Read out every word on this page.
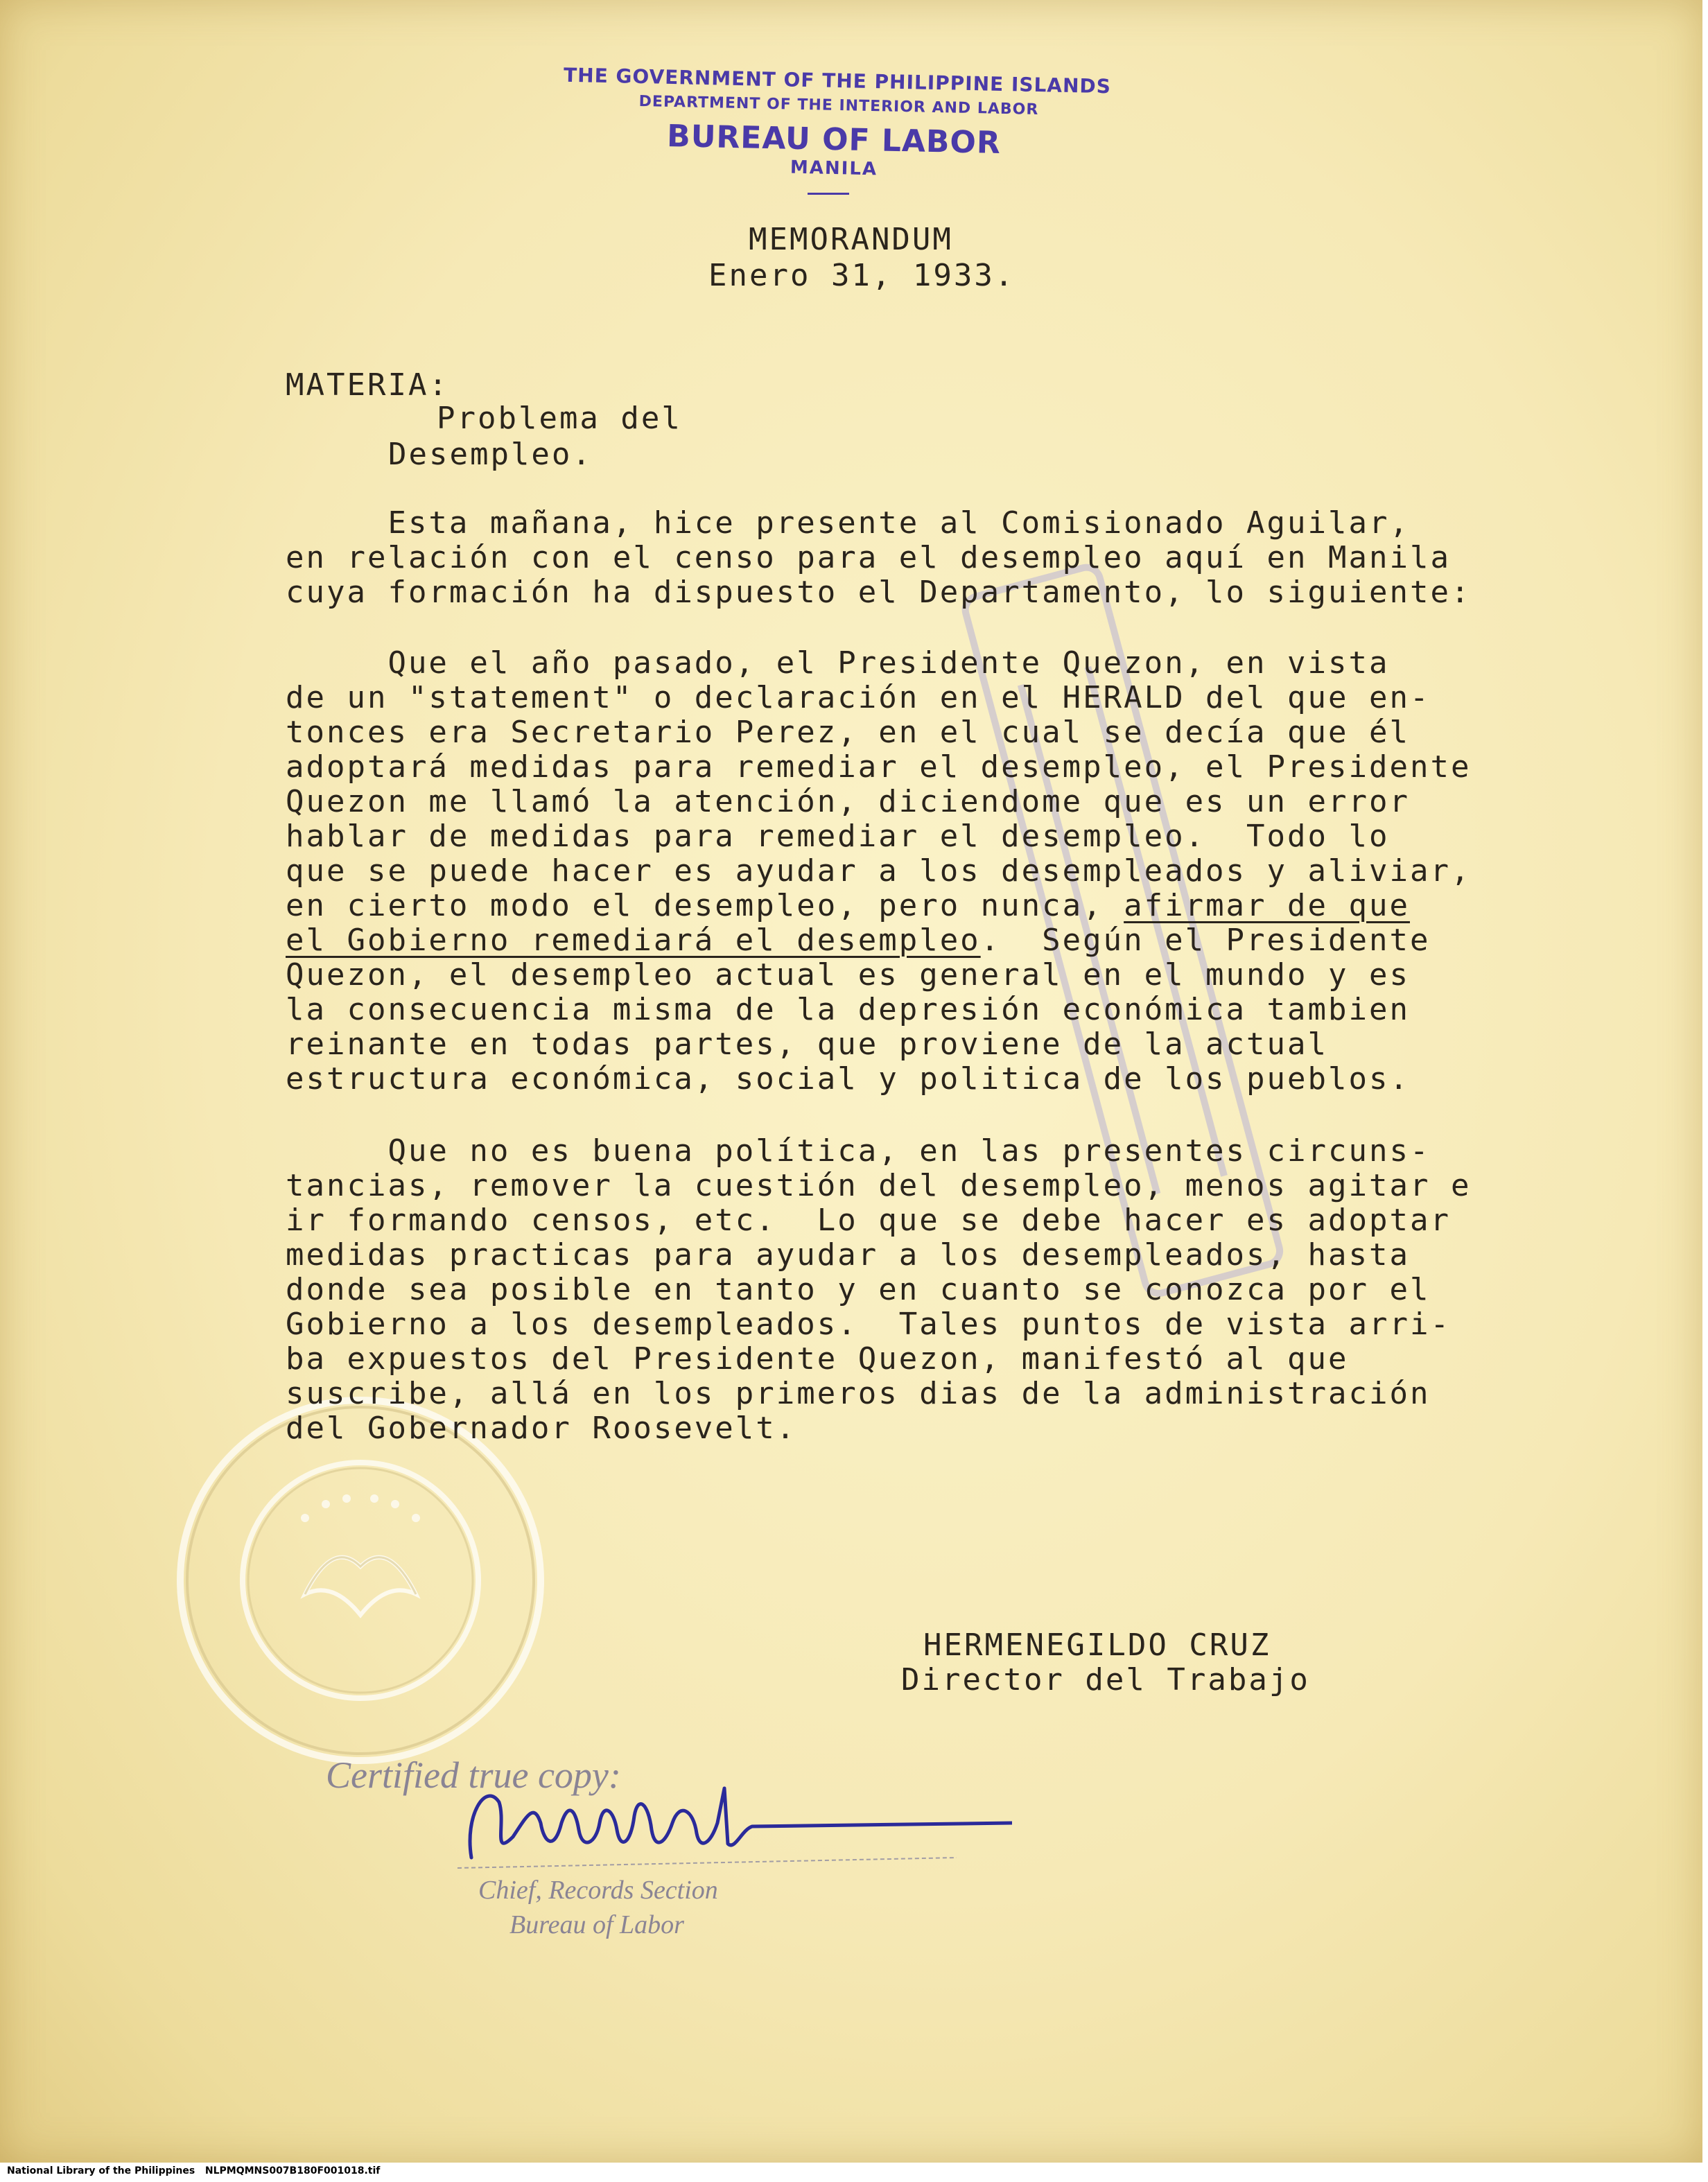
THE GOVERNMENT OF THE PHILIPPINE ISLANDS
DEPARTMENT OF THE INTERIOR AND LABOR
BUREAU OF LABOR
MANILA
MEMORANDUM
Enero 31, 1933.
MATERIA:
Problema del
Desempleo.
Esta mañana, hice presente al Comisionado Aguilar,
en relación con el censo para el desempleo aquí en Manila
cuya formación ha dispuesto el Departamento, lo siguiente:
Que el año pasado, el Presidente Quezon, en vista
de un "statement" o declaración en el HERALD del que en-
tonces era Secretario Perez, en el cual se decía que él
adoptará medidas para remediar el desempleo, el Presidente
Quezon me llamó la atención, diciendome que es un error
hablar de medidas para remediar el desempleo.  Todo lo
que se puede hacer es ayudar a los desempleados y aliviar,
en cierto modo el desempleo, pero nunca, afirmar de que
el Gobierno remediará el desempleo.  Según el Presidente
Quezon, el desempleo actual es general en el mundo y es
la consecuencia misma de la depresión económica tambien
reinante en todas partes, que proviene de la actual
estructura económica, social y politica de los pueblos.
Que no es buena política, en las presentes circuns-
tancias, remover la cuestión del desempleo, menos agitar e
ir formando censos, etc.  Lo que se debe hacer es adoptar
medidas practicas para ayudar a los desempleados, hasta
donde sea posible en tanto y en cuanto se conozca por el
Gobierno a los desempleados.  Tales puntos de vista arri-
ba expuestos del Presidente Quezon, manifestó al que
suscribe, allá en los primeros dias de la administración
del Gobernador Roosevelt.
HERMENEGILDO CRUZ
Director del Trabajo
Certified true copy:
Chief, Records Section
Bureau of Labor
National Library of the Philippines NLPMQMNS007B180F001018.tif
